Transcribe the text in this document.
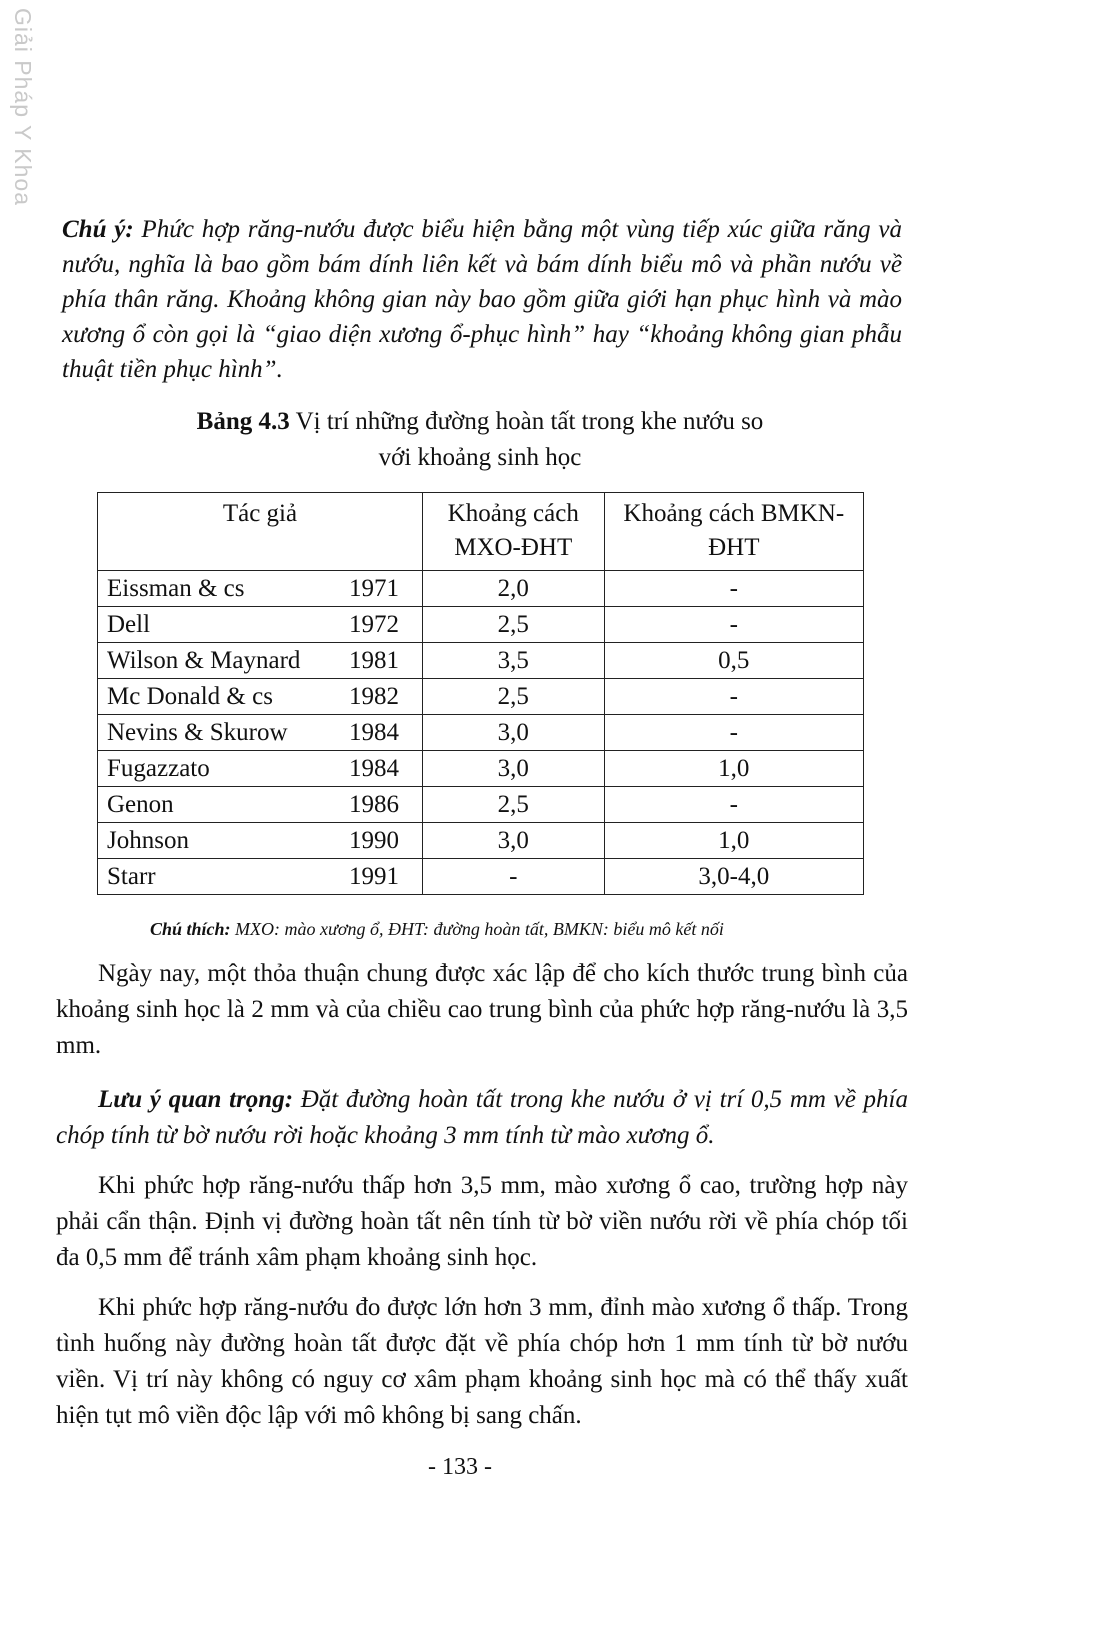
Giải Pháp Y Khoa
Chú ý: Phức hợp răng-nướu được biểu hiện bằng một vùng tiếp xúc giữa răng và nướu, nghĩa là bao gồm bám dính liên kết và bám dính biểu mô và phần nướu về phía thân răng. Khoảng không gian này bao gồm giữa giới hạn phục hình và mào xương ổ còn gọi là “giao diện xương ổ-phục hình” hay “khoảng không gian phẫu thuật tiền phục hình”.
Bảng 4.3 Vị trí những đường hoàn tất trong khe nướu so
với khoảng sinh học
Tác giả	Khoảng cách MXO-ĐHT	Khoảng cách BMKN-ĐHT
Eissman & cs 1971	2,0	-
Dell 1972	2,5	-
Wilson & Maynard 1981	3,5	0,5
Mc Donald & cs 1982	2,5	-
Nevins & Skurow 1984	3,0	-
Fugazzato 1984	3,0	1,0
Genon 1986	2,5	-
Johnson 1990	3,0	1,0
Starr 1991	-	3,0-4,0
Chú thích: MXO: mào xương ổ, ĐHT: đường hoàn tất, BMKN: biểu mô kết nối
Ngày nay, một thỏa thuận chung được xác lập để cho kích thước trung bình của khoảng sinh học là 2 mm và của chiều cao trung bình của phức hợp răng-nướu là 3,5 mm.
Lưu ý quan trọng: Đặt đường hoàn tất trong khe nướu ở vị trí 0,5 mm về phía chóp tính từ bờ nướu rời hoặc khoảng 3 mm tính từ mào xương ổ.
Khi phức hợp răng-nướu thấp hơn 3,5 mm, mào xương ổ cao, trường hợp này phải cẩn thận. Định vị đường hoàn tất nên tính từ bờ viền nướu rời về phía chóp tối đa 0,5 mm để tránh xâm phạm khoảng sinh học.
Khi phức hợp răng-nướu đo được lớn hơn 3 mm, đỉnh mào xương ổ thấp. Trong tình huống này đường hoàn tất được đặt về phía chóp hơn 1 mm tính từ bờ nướu viền. Vị trí này không có nguy cơ xâm phạm khoảng sinh học mà có thể thấy xuất hiện tụt mô viền độc lập với mô không bị sang chấn.
- 133 -
